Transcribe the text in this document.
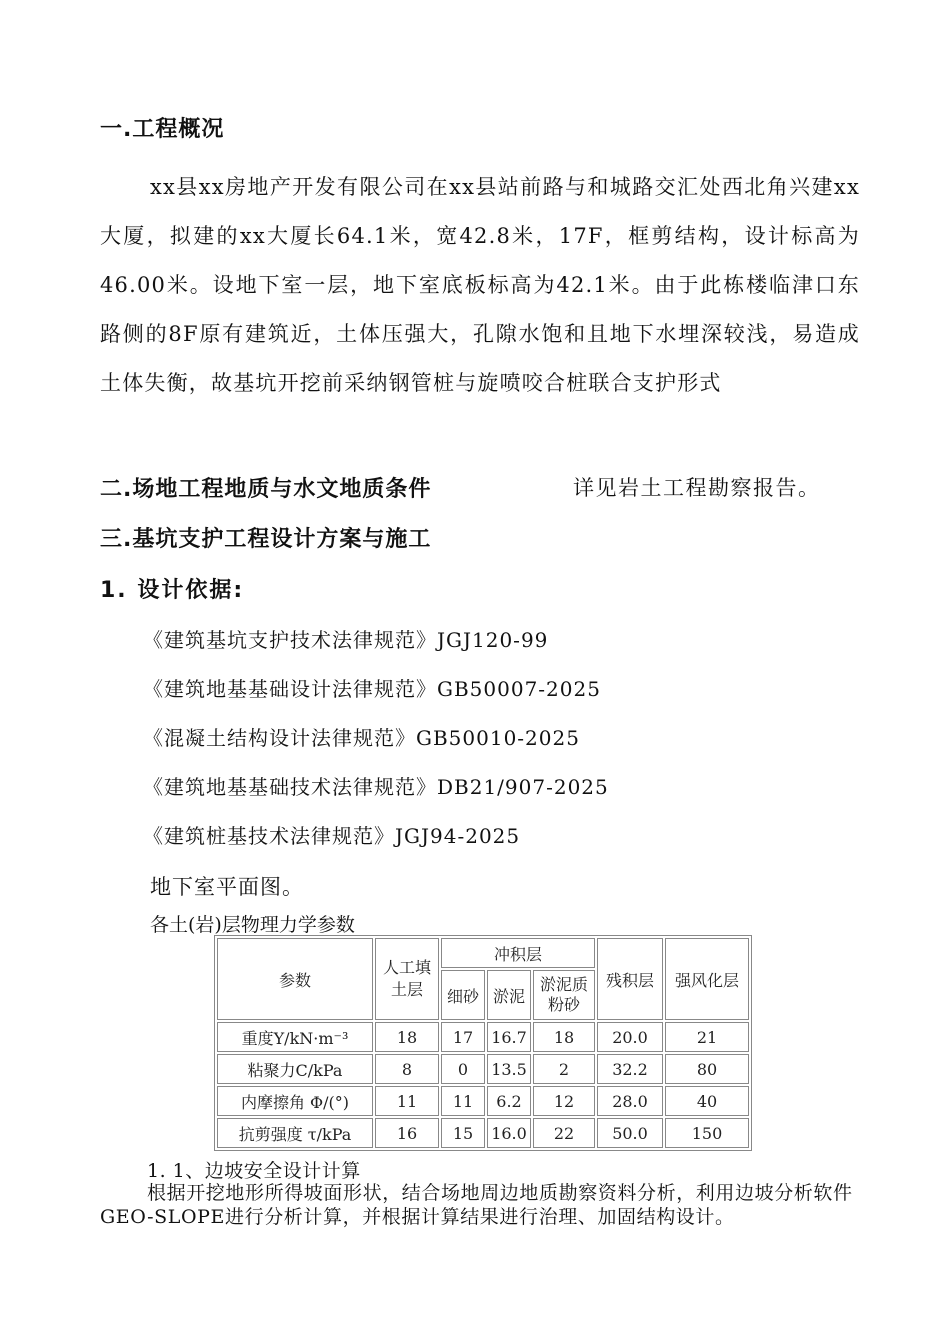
一.工程概况
xx县xx房地产开发有限公司在xx县站前路与和城路交汇处西北角兴建xx大厦，拟建的xx大厦长64.1米，宽42.8米，17F，框剪结构，设计标高为46.00米。设地下室一层，地下室底板标高为42.1米。由于此栋楼临津口东路侧的8F原有建筑近，土体压强大，孔隙水饱和且地下水埋深较浅，易造成土体失衡，故基坑开挖前采纳钢管桩与旋喷咬合桩联合支护形式
二.场地工程地质与水文地质条件	详见岩土工程勘察报告。
三.基坑支护工程设计方案与施工
1. 设计依据:
《建筑基坑支护技术法律规范》JGJ120-99
《建筑地基基础设计法律规范》GB50007-2025
《混凝土结构设计法律规范》GB50010-2025
《建筑地基基础技术法律规范》DB21/907-2025
《建筑桩基技术法律规范》JGJ94-2025
地下室平面图。
各土(岩)层物理力学参数
参数	人工填土层	冲积层			残积层	强风化层
		细砂	淤泥	淤泥质粉砂		
重度Y/kN·m⁻³	18	17	16.7	18	20.0	21
粘聚力C/kPa	8	0	13.5	2	32.2	80
内摩擦角 Φ/(°)	11	11	6.2	12	28.0	40
抗剪强度 τ/kPa	16	15	16.0	22	50.0	150
1. 1、边坡安全设计计算
根据开挖地形所得坡面形状，结合场地周边地质勘察资料分析，利用边坡分析软件GEO-SLOPE进行分析计算，并根据计算结果进行治理、加固结构设计。
